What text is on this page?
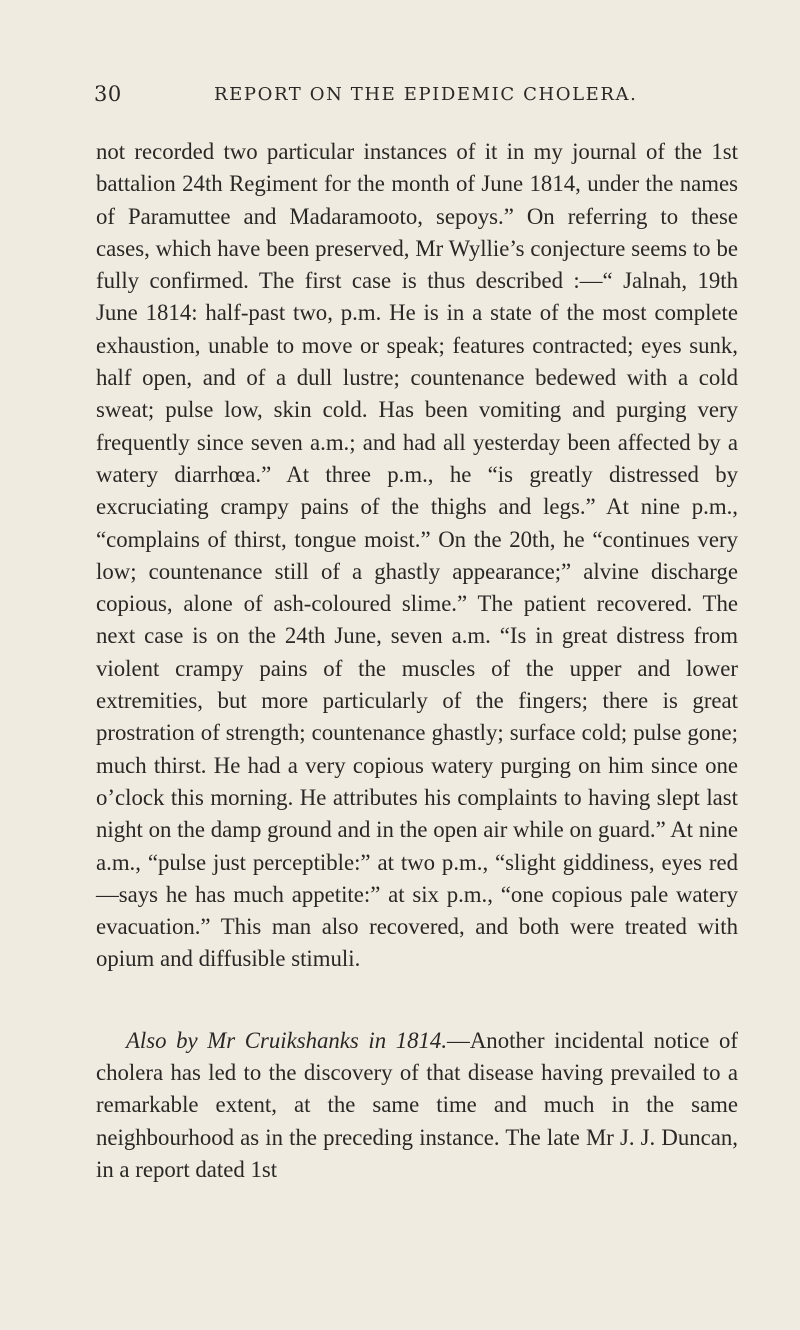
30	REPORT ON THE EPIDEMIC CHOLERA.

not recorded two particular instances of it in my journal of the 1st battalion 24th Regiment for the month of June 1814, under the names of Paramuttee and Madaramooto, sepoys.” On referring to these cases, which have been preserved, Mr Wyllie’s conjecture seems to be fully confirmed. The first case is thus described :—“ Jalnah, 19th June 1814: half-past two, p.m. He is in a state of the most complete exhaustion, unable to move or speak; features contracted; eyes sunk, half open, and of a dull lustre; countenance bedewed with a cold sweat; pulse low, skin cold. Has been vomiting and purging very frequently since seven a.m.; and had all yesterday been affected by a watery diarrhœa.” At three p.m., he “is greatly distressed by excruciating crampy pains of the thighs and legs.” At nine p.m., “complains of thirst, tongue moist.” On the 20th, he “continues very low; countenance still of a ghastly appearance;” alvine discharge copious, alone of ash-coloured slime.” The patient recovered. The next case is on the 24th June, seven a.m. “Is in great distress from violent crampy pains of the muscles of the upper and lower extremities, but more particularly of the fingers; there is great prostration of strength; countenance ghastly; surface cold; pulse gone; much thirst. He had a very copious watery purging on him since one o’clock this morning. He attributes his complaints to having slept last night on the damp ground and in the open air while on guard.” At nine a.m., “pulse just perceptible:” at two p.m., “slight giddiness, eyes red—says he has much appetite:” at six p.m., “one copious pale watery evacuation.” This man also recovered, and both were treated with opium and diffusible stimuli.

Also by Mr Cruikshanks in 1814.—Another incidental notice of cholera has led to the discovery of that disease having prevailed to a remarkable extent, at the same time and much in the same neighbourhood as in the preceding instance. The late Mr J. J. Duncan, in a report dated 1st
